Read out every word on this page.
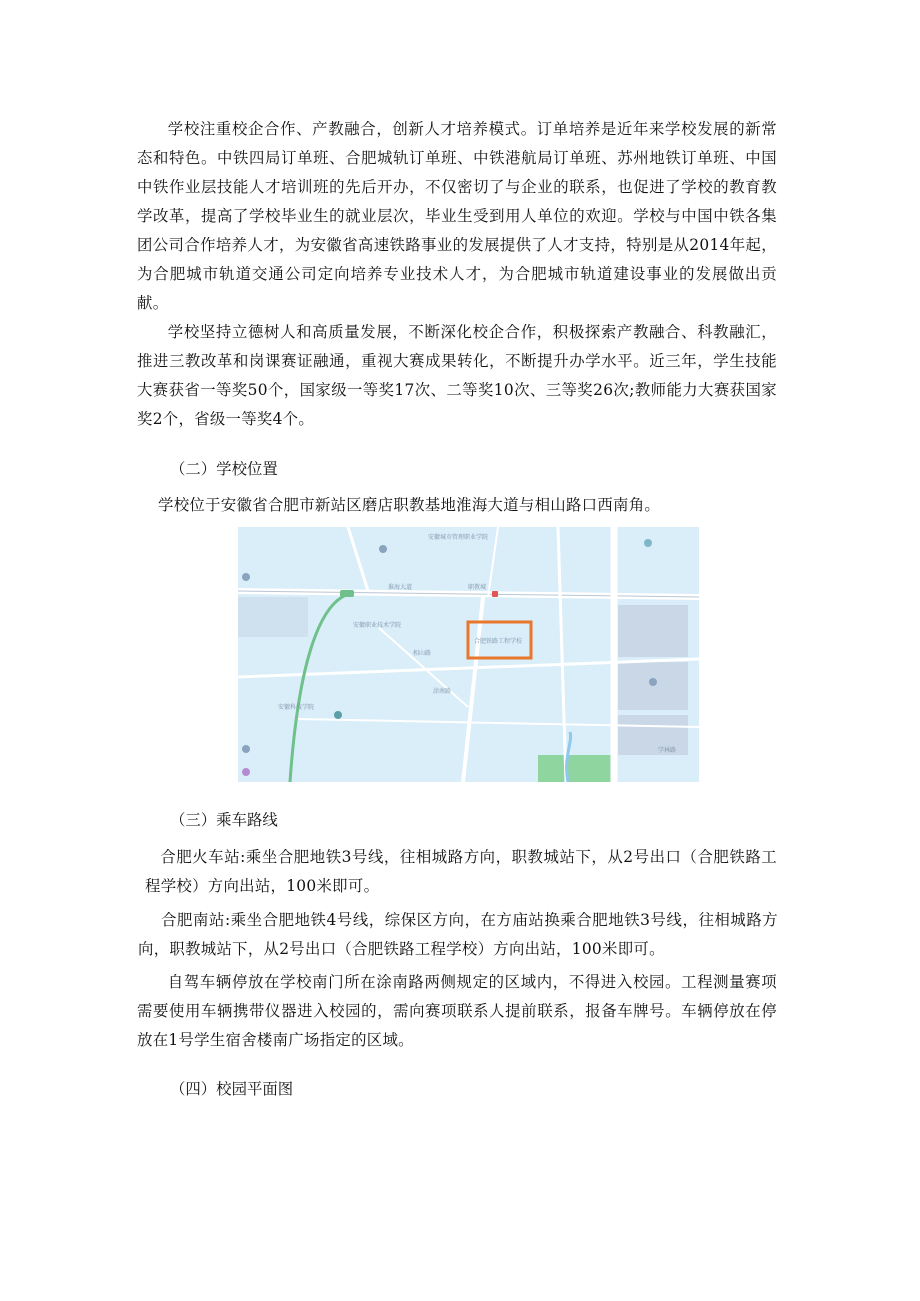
学校注重校企合作、产教融合，创新人才培养模式。订单培养是近年来学校发展的新常态和特色。中铁四局订单班、合肥城轨订单班、中铁港航局订单班、苏州地铁订单班、中国中铁作业层技能人才培训班的先后开办，不仅密切了与企业的联系，也促进了学校的教育教学改革，提高了学校毕业生的就业层次，毕业生受到用人单位的欢迎。学校与中国中铁各集团公司合作培养人才，为安徽省高速铁路事业的发展提供了人才支持，特别是从2014年起，为合肥城市轨道交通公司定向培养专业技术人才，为合肥城市轨道建设事业的发展做出贡献。

学校坚持立德树人和高质量发展，不断深化校企合作，积极探索产教融合、科教融汇，推进三教改革和岗课赛证融通，重视大赛成果转化，不断提升办学水平。近三年，学生技能大赛获省一等奖50个，国家级一等奖17次、二等奖10次、三等奖26次;教师能力大赛获国家奖2个，省级一等奖4个。

（二）学校位置

学校位于安徽省合肥市新站区磨店职教基地淮海大道与相山路口西南角。

安徽城市管理职业学院
淮海大道	职教城
安徽职业技术学院
安徽科技学院
相山路
涂南路
学林路
合肥铁路工程学校

（三）乘车路线

合肥火车站:乘坐合肥地铁3号线，往相城路方向，职教城站下，从2号出口（合肥铁路工程学校）方向出站，100米即可。

合肥南站:乘坐合肥地铁4号线，综保区方向，在方庙站换乘合肥地铁3号线，往相城路方向，职教城站下，从2号出口（合肥铁路工程学校）方向出站，100米即可。

自驾车辆停放在学校南门所在涂南路两侧规定的区域内，不得进入校园。工程测量赛项需要使用车辆携带仪器进入校园的，需向赛项联系人提前联系，报备车牌号。车辆停放在停放在1号学生宿舍楼南广场指定的区域。

（四）校园平面图
